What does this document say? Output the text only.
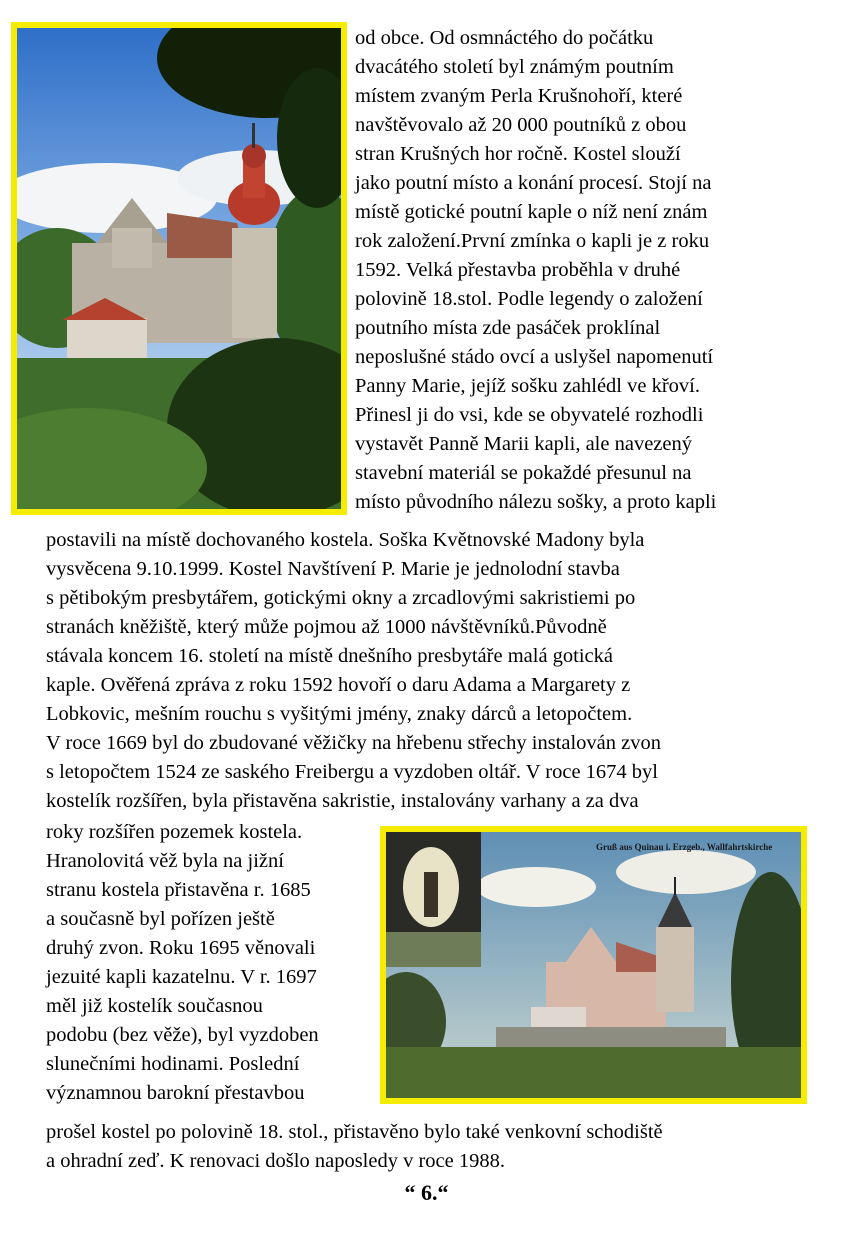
od obce. Od osmnáctého do počátku
dvacátého století byl známým poutním
místem zvaným Perla Krušnohoří, které
navštěvovalo až 20 000 poutníků z obou
stran Krušných hor ročně. Kostel slouží
jako poutní místo a konání procesí. Stojí na
místě gotické poutní kaple o níž není znám
rok založení.První zmínka o kapli je z roku
1592. Velká přestavba proběhla v druhé
polovině 18.stol. Podle legendy o založení
poutního místa zde pasáček proklínal
neposlušné stádo ovcí a uslyšel napomenutí
Panny Marie, jejíž sošku zahlédl ve křoví.
Přinesl ji do vsi, kde se obyvatelé rozhodli
vystavět Panně Marii kapli, ale navezený
stavební materiál se pokaždé přesunul na
místo původního nálezu sošky, a proto kapli
postavili na místě dochovaného kostela. Soška Květnovské Madony byla
vysvěcena 9.10.1999. Kostel Navštívení P. Marie je jednolodní stavba
s pětibokým presbytářem, gotickými okny a zrcadlovými sakristiemi po
stranách kněžiště, který může pojmou až 1000 návštěvníků.Původně
stávala koncem 16. století na místě dnešního presbytáře malá gotická
kaple. Ověřená zpráva z roku 1592 hovoří o daru Adama a Margarety z
Lobkovic, mešním rouchu s vyšitými jmény, znaky dárců a letopočtem.
V roce 1669 byl do zbudované věžičky na hřebenu střechy instalován zvon
s letopočtem 1524 ze saského Freibergu a vyzdoben oltář. V roce 1674 byl
kostelík rozšířen, byla přistavěna sakristie, instalovány varhany a za dva
Gruß aus Quinau i. Erzgeb., Wallfahrtskirche
roky rozšířen pozemek kostela.
Hranolovitá věž byla na jižní
stranu kostela přistavěna r. 1685
a současně byl pořízen ještě
druhý zvon. Roku 1695 věnovali
jezuité kapli kazatelnu. V r. 1697
měl již kostelík současnou
podobu (bez věže), byl vyzdoben
slunečními hodinami. Poslední
významnou barokní přestavbou
prošel kostel po polovině 18. stol., přistavěno bylo také venkovní schodiště
a ohradní zeď. K renovaci došlo naposledy v roce 1988.
“ 6.“
